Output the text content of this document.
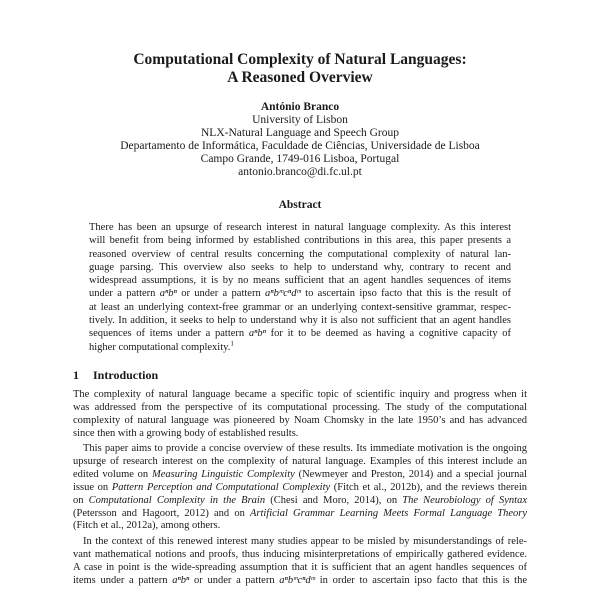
Computational Complexity of Natural Languages:
A Reasoned Overview
António Branco
University of Lisbon
NLX-Natural Language and Speech Group
Departamento de Informática, Faculdade de Ciências, Universidade de Lisboa
Campo Grande, 1749-016 Lisboa, Portugal
antonio.branco@di.fc.ul.pt
Abstract
There has been an upsurge of research interest in natural language complexity. As this interest
will benefit from being informed by established contributions in this area, this paper presents a
reasoned overview of central results concerning the computational complexity of natural lan-
guage parsing. This overview also seeks to help to understand why, contrary to recent and
widespread assumptions, it is by no means sufficient that an agent handles sequences of items
under a pattern aⁿbⁿ or under a pattern aⁿbᵐcⁿdᵐ to ascertain ipso facto that this is the result of
at least an underlying context-free grammar or an underlying context-sensitive grammar, respec-
tively. In addition, it seeks to help to understand why it is also not sufficient that an agent handles
sequences of items under a pattern aⁿbⁿ for it to be deemed as having a cognitive capacity of
higher computational complexity.$^1$
1 Introduction
The complexity of natural language became a specific topic of scientific inquiry and progress when it
was addressed from the perspective of its computational processing. The study of the computational
complexity of natural language was pioneered by Noam Chomsky in the late 1950’s and has advanced
since then with a growing body of established results.
This paper aims to provide a concise overview of these results. Its immediate motivation is the ongoing
upsurge of research interest on the complexity of natural language. Examples of this interest include an
edited volume on Measuring Linguistic Complexity (Newmeyer and Preston, 2014) and a special journal
issue on Pattern Perception and Computational Complexity (Fitch et al., 2012b), and the reviews therein
on Computational Complexity in the Brain (Chesi and Moro, 2014), on The Neurobiology of Syntax
(Petersson and Hagoort, 2012) and on Artificial Grammar Learning Meets Formal Language Theory
(Fitch et al., 2012a), among others.
In the context of this renewed interest many studies appear to be misled by misunderstandings of rele-
vant mathematical notions and proofs, thus inducing misinterpretations of empirically gathered evidence.
A case in point is the wide-spreading assumption that it is sufficient that an agent handles sequences of
items under a pattern aⁿbⁿ or under a pattern aⁿbᵐcⁿdᵐ in order to ascertain ipso facto that this is the
